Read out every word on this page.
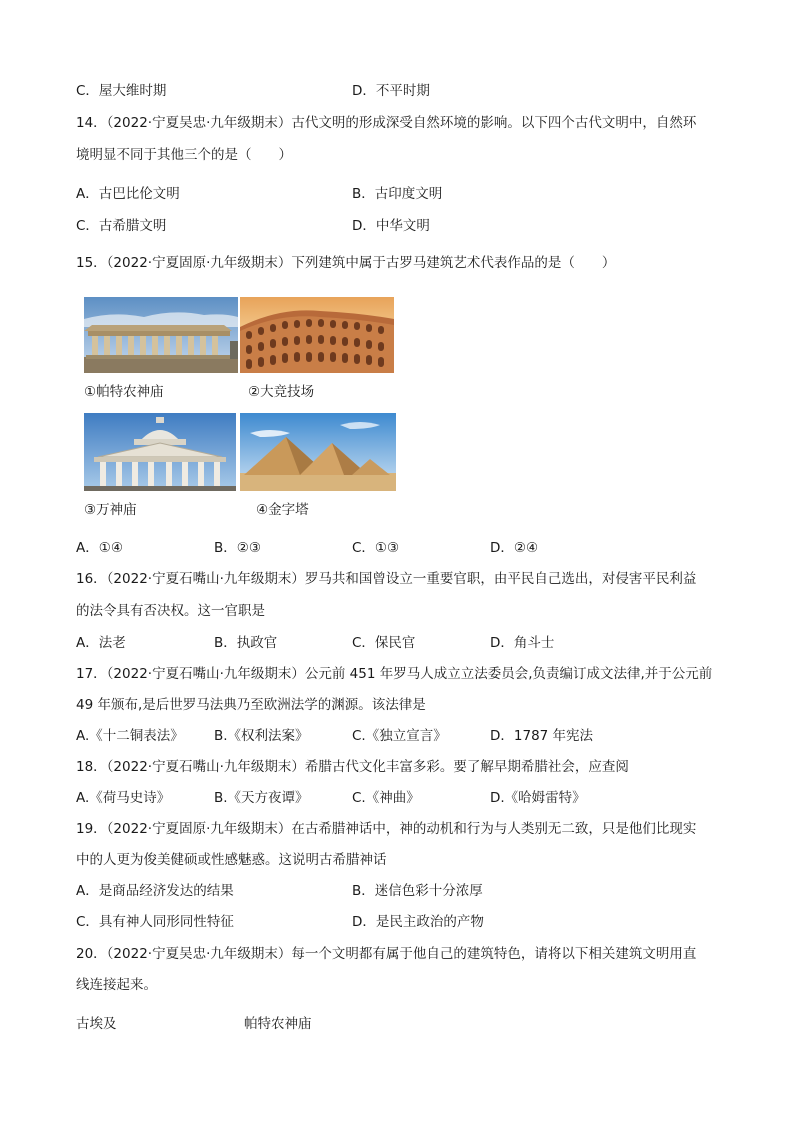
C．屋大维时期	D．不平时期
14．（2022·宁夏吴忠·九年级期末）古代文明的形成深受自然环境的影响。以下四个古代文明中，自然环
境明显不同于其他三个的是（　　）
A．古巴比伦文明	B．古印度文明
C．古希腊文明	D．中华文明
15．（2022·宁夏固原·九年级期末）下列建筑中属于古罗马建筑艺术代表作品的是（　　）
①帕特农神庙	②大竞技场
③万神庙	④金字塔
A．①④	B．②③	C．①③	D．②④
16．（2022·宁夏石嘴山·九年级期末）罗马共和国曾设立一重要官职，由平民自己选出，对侵害平民利益
的法令具有否决权。这一官职是
A．法老	B．执政官	C．保民官	D．角斗士
17．（2022·宁夏石嘴山·九年级期末）公元前 451 年罗马人成立立法委员会,负责编订成文法律,并于公元前
49 年颁布,是后世罗马法典乃至欧洲法学的渊源。该法律是
A.《十二铜表法》 B.《权利法案》	C.《独立宣言》	D．1787 年宪法
18．（2022·宁夏石嘴山·九年级期末）希腊古代文化丰富多彩。要了解早期希腊社会，应查阅
A.《荷马史诗》	B.《天方夜谭》	C.《神曲》	D.《哈姆雷特》
19．（2022·宁夏固原·九年级期末）在古希腊神话中，神的动机和行为与人类别无二致，只是他们比现实
中的人更为俊美健硕或性感魅惑。这说明古希腊神话
A．是商品经济发达的结果	B．迷信色彩十分浓厚
C．具有神人同形同性特征	D．是民主政治的产物
20．（2022·宁夏吴忠·九年级期末）每一个文明都有属于他自己的建筑特色，请将以下相关建筑文明用直
线连接起来。
古埃及	帕特农神庙
